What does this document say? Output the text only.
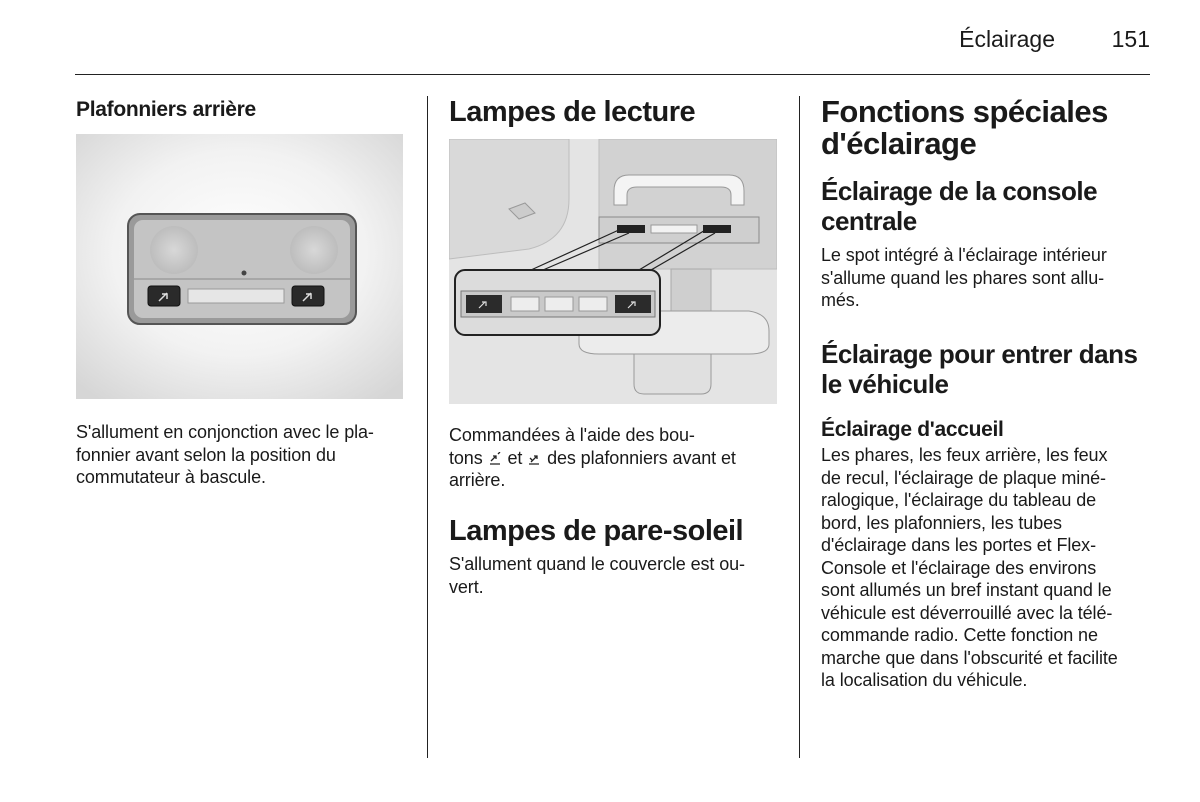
Éclairage	151
Plafonniers arrière

S'allument en conjonction avec le pla-
fonnier avant selon la position du
commutateur à bascule.

Lampes de lecture

Commandées à l'aide des bou-
tons et des plafonniers avant et
arrière.

Lampes de pare-soleil

S'allument quand le couvercle est ou-
vert.

Fonctions spéciales
d'éclairage
Éclairage de la console
centrale

Le spot intégré à l'éclairage intérieur
s'allume quand les phares sont allu-
més.

Éclairage pour entrer dans
le véhicule
Éclairage d'accueil

Les phares, les feux arrière, les feux
de recul, l'éclairage de plaque miné-
ralogique, l'éclairage du tableau de
bord, les plafonniers, les tubes
d'éclairage dans les portes et Flex-
Console et l'éclairage des environs
sont allumés un bref instant quand le
véhicule est déverrouillé avec la télé-
commande radio. Cette fonction ne
marche que dans l'obscurité et facilite
la localisation du véhicule.
